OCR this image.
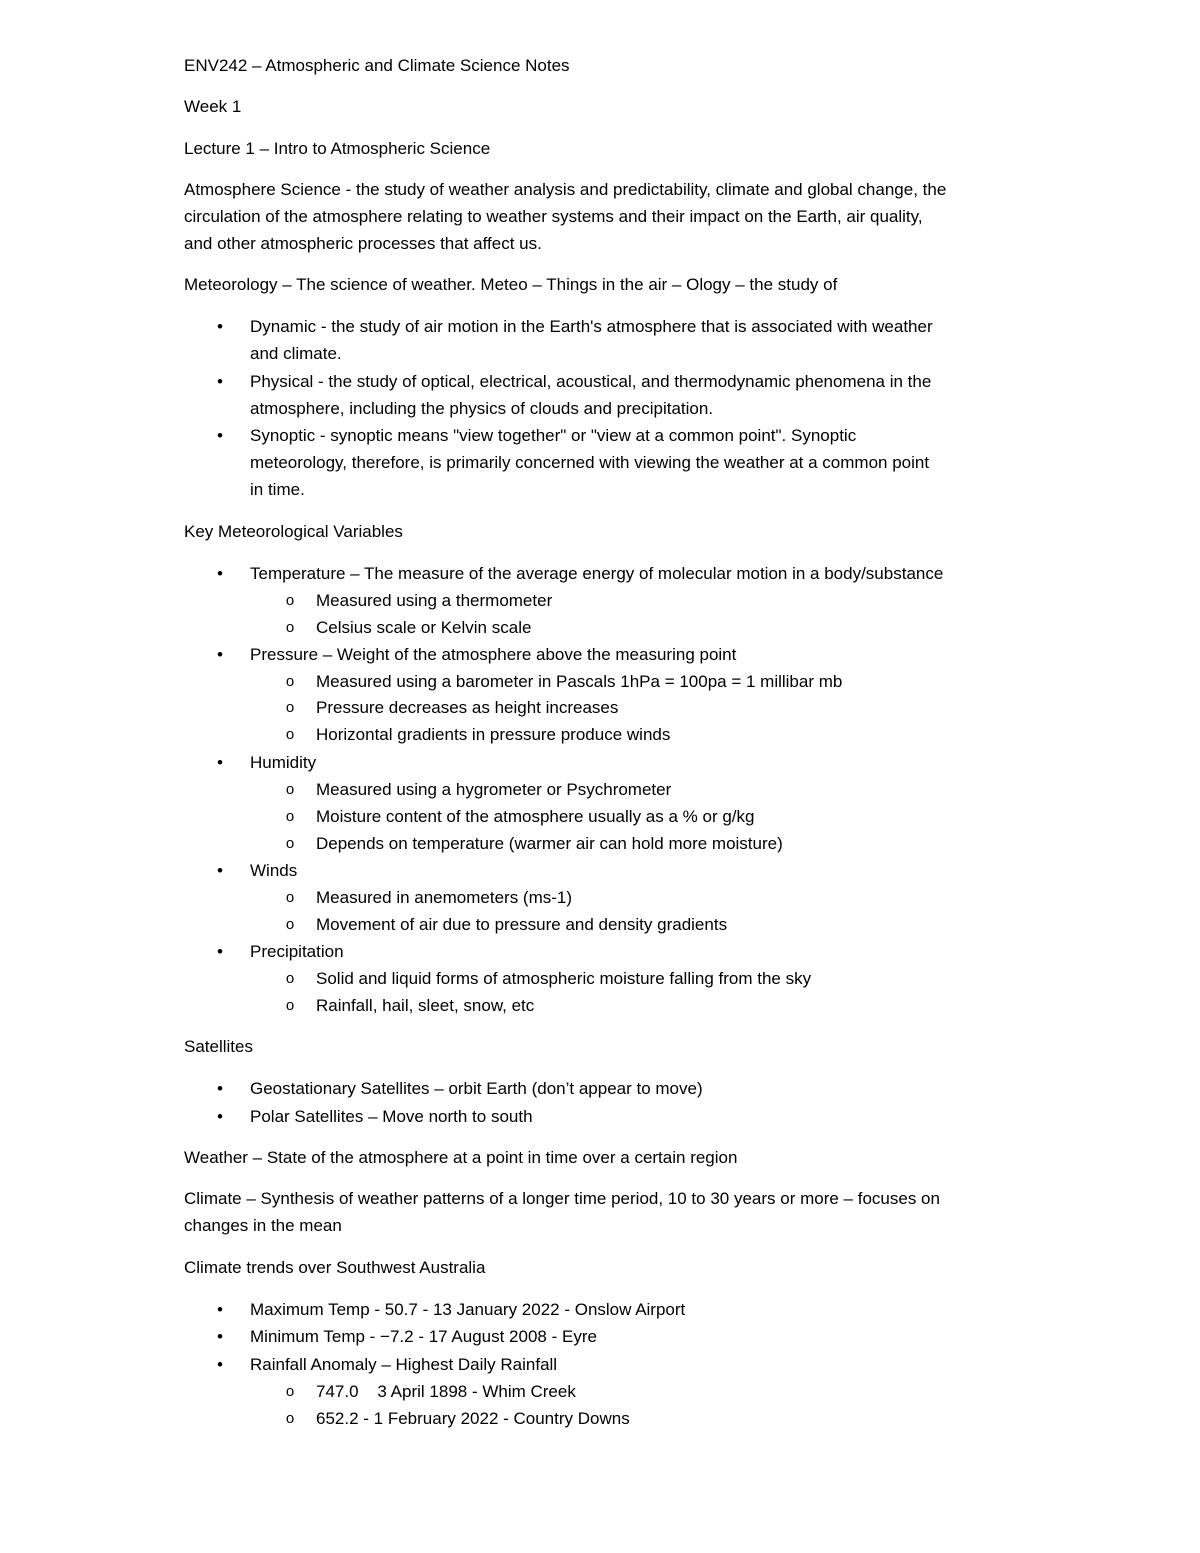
ENV242 – Atmospheric and Climate Science Notes
Week 1
Lecture 1 – Intro to Atmospheric Science
Atmosphere Science - the study of weather analysis and predictability, climate and global change, the
circulation of the atmosphere relating to weather systems and their impact on the Earth, air quality,
and other atmospheric processes that affect us.
Meteorology – The science of weather. Meteo – Things in the air – Ology – the study of
• Dynamic - the study of air motion in the Earth's atmosphere that is associated with weather
and climate.
• Physical - the study of optical, electrical, acoustical, and thermodynamic phenomena in the
atmosphere, including the physics of clouds and precipitation.
• Synoptic - synoptic means "view together" or "view at a common point". Synoptic
meteorology, therefore, is primarily concerned with viewing the weather at a common point
in time.
Key Meteorological Variables
• Temperature – The measure of the average energy of molecular motion in a body/substance
o Measured using a thermometer
o Celsius scale or Kelvin scale
• Pressure – Weight of the atmosphere above the measuring point
o Measured using a barometer in Pascals 1hPa = 100pa = 1 millibar mb
o Pressure decreases as height increases
o Horizontal gradients in pressure produce winds
• Humidity
o Measured using a hygrometer or Psychrometer
o Moisture content of the atmosphere usually as a % or g/kg
o Depends on temperature (warmer air can hold more moisture)
• Winds
o Measured in anemometers (ms-1)
o Movement of air due to pressure and density gradients
• Precipitation
o Solid and liquid forms of atmospheric moisture falling from the sky
o Rainfall, hail, sleet, snow, etc
Satellites
• Geostationary Satellites – orbit Earth (don’t appear to move)
• Polar Satellites – Move north to south
Weather – State of the atmosphere at a point in time over a certain region
Climate – Synthesis of weather patterns of a longer time period, 10 to 30 years or more – focuses on
changes in the mean
Climate trends over Southwest Australia
• Maximum Temp - 50.7 - 13 January 2022 - Onslow Airport
• Minimum Temp - −7.2 - 17 August 2008 - Eyre
• Rainfall Anomaly – Highest Daily Rainfall
o 747.0    3 April 1898 - Whim Creek
o 652.2 - 1 February 2022 - Country Downs
